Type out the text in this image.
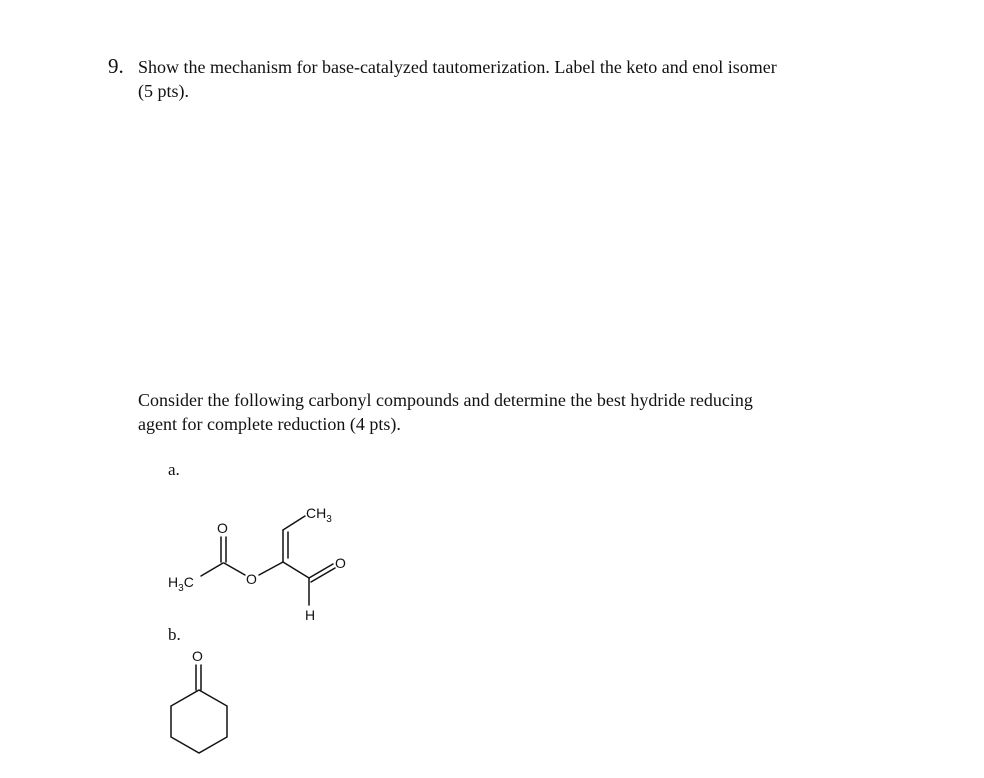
9. Show the mechanism for base-catalyzed tautomerization. Label the keto and enol isomer
(5 pts).
Consider the following carbonyl compounds and determine the best hydride reducing
agent for complete reduction (4 pts).
a.
b.
$H_3C$
O
O
$CH_3$
O
H
O
